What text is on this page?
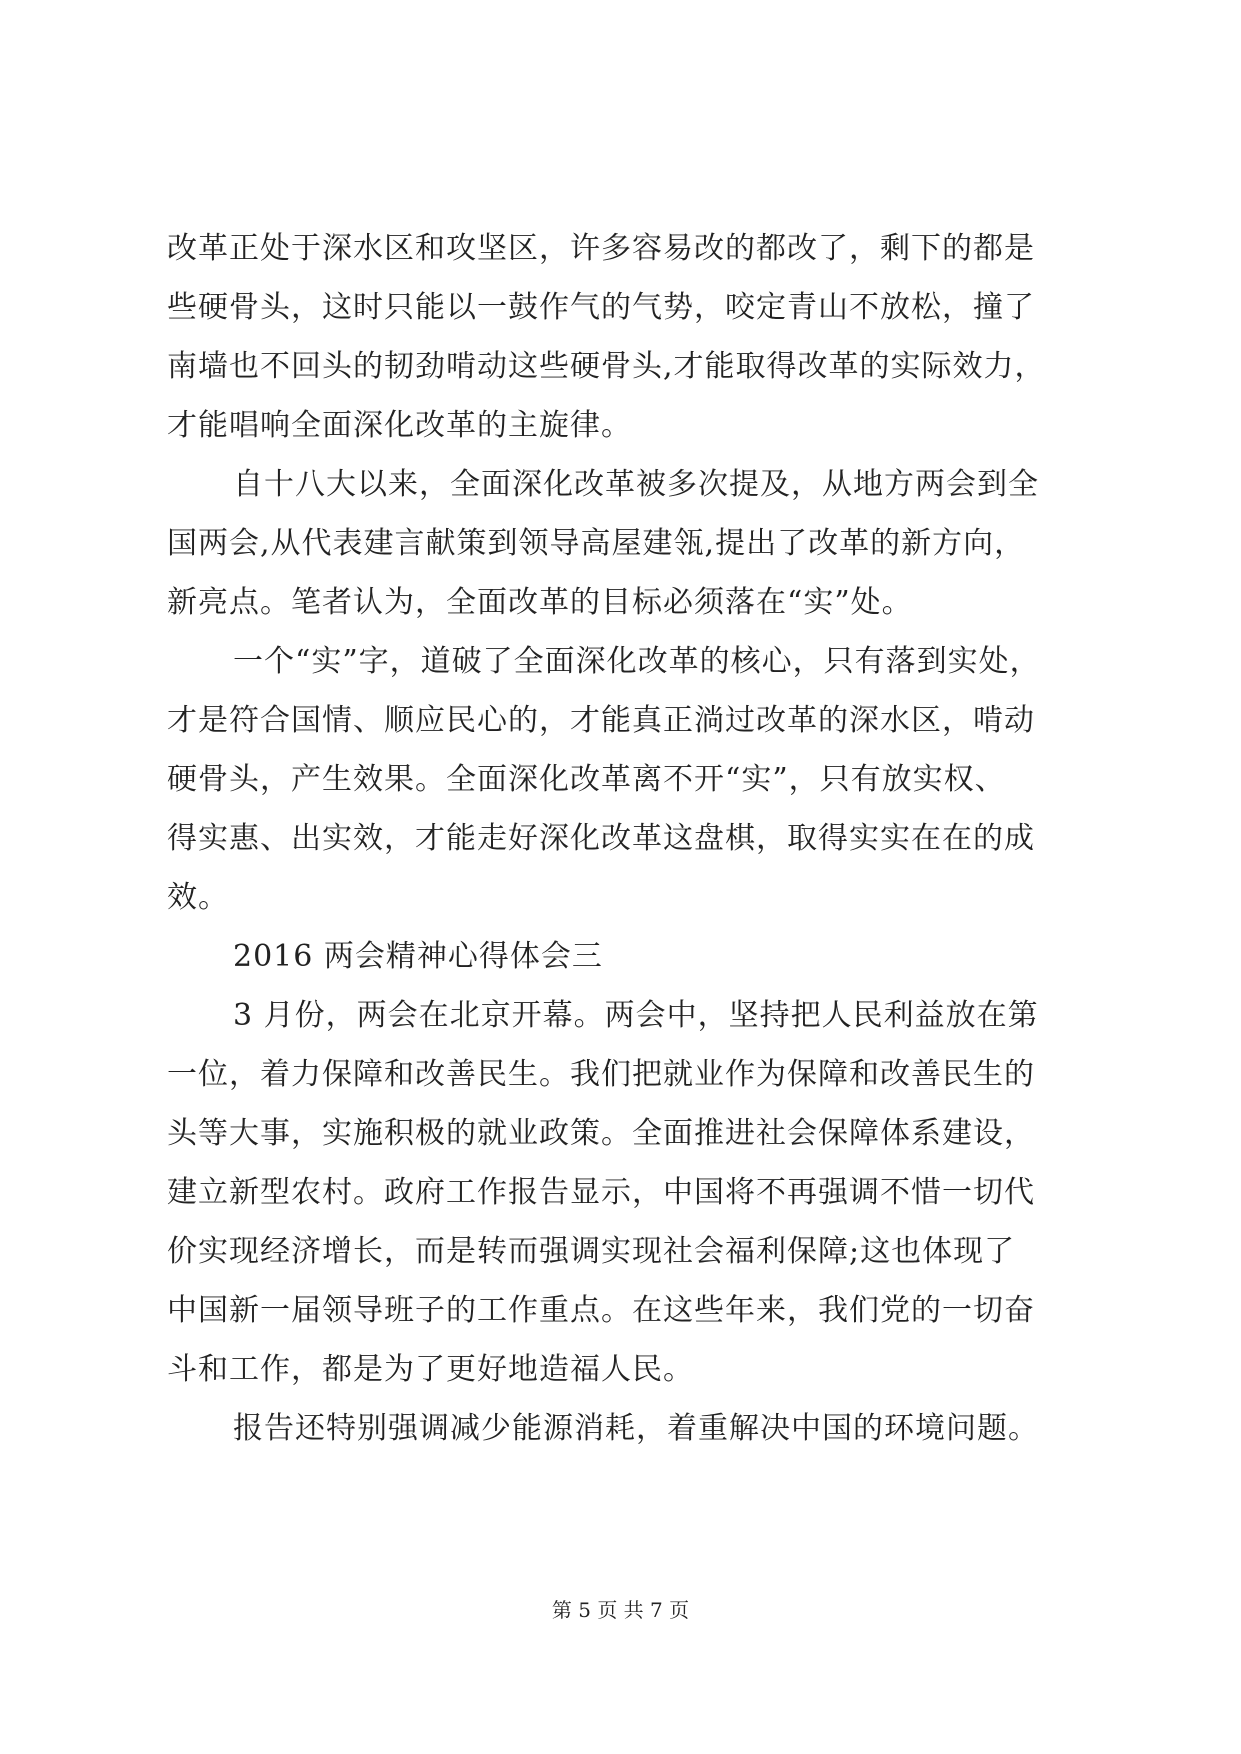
改革正处于深水区和攻坚区，许多容易改的都改了，剩下的都是
些硬骨头，这时只能以一鼓作气的气势，咬定青山不放松，撞了
南墙也不回头的韧劲啃动这些硬骨头,才能取得改革的实际效力，
才能唱响全面深化改革的主旋律。
自十八大以来，全面深化改革被多次提及，从地方两会到全
国两会,从代表建言献策到领导高屋建瓴,提出了改革的新方向，
新亮点。笔者认为，全面改革的目标必须落在“实”处。
一个“实”字，道破了全面深化改革的核心，只有落到实处，
才是符合国情、顺应民心的，才能真正淌过改革的深水区，啃动
硬骨头，产生效果。全面深化改革离不开“实”，只有放实权、
得实惠、出实效，才能走好深化改革这盘棋，取得实实在在的成
效。
2016 两会精神心得体会三
3 月份，两会在北京开幕。两会中，坚持把人民利益放在第
一位，着力保障和改善民生。我们把就业作为保障和改善民生的
头等大事，实施积极的就业政策。全面推进社会保障体系建设，
建立新型农村。政府工作报告显示，中国将不再强调不惜一切代
价实现经济增长，而是转而强调实现社会福利保障;这也体现了
中国新一届领导班子的工作重点。在这些年来，我们党的一切奋
斗和工作，都是为了更好地造福人民。
报告还特别强调减少能源消耗，着重解决中国的环境问题。
第 5 页 共 7 页
